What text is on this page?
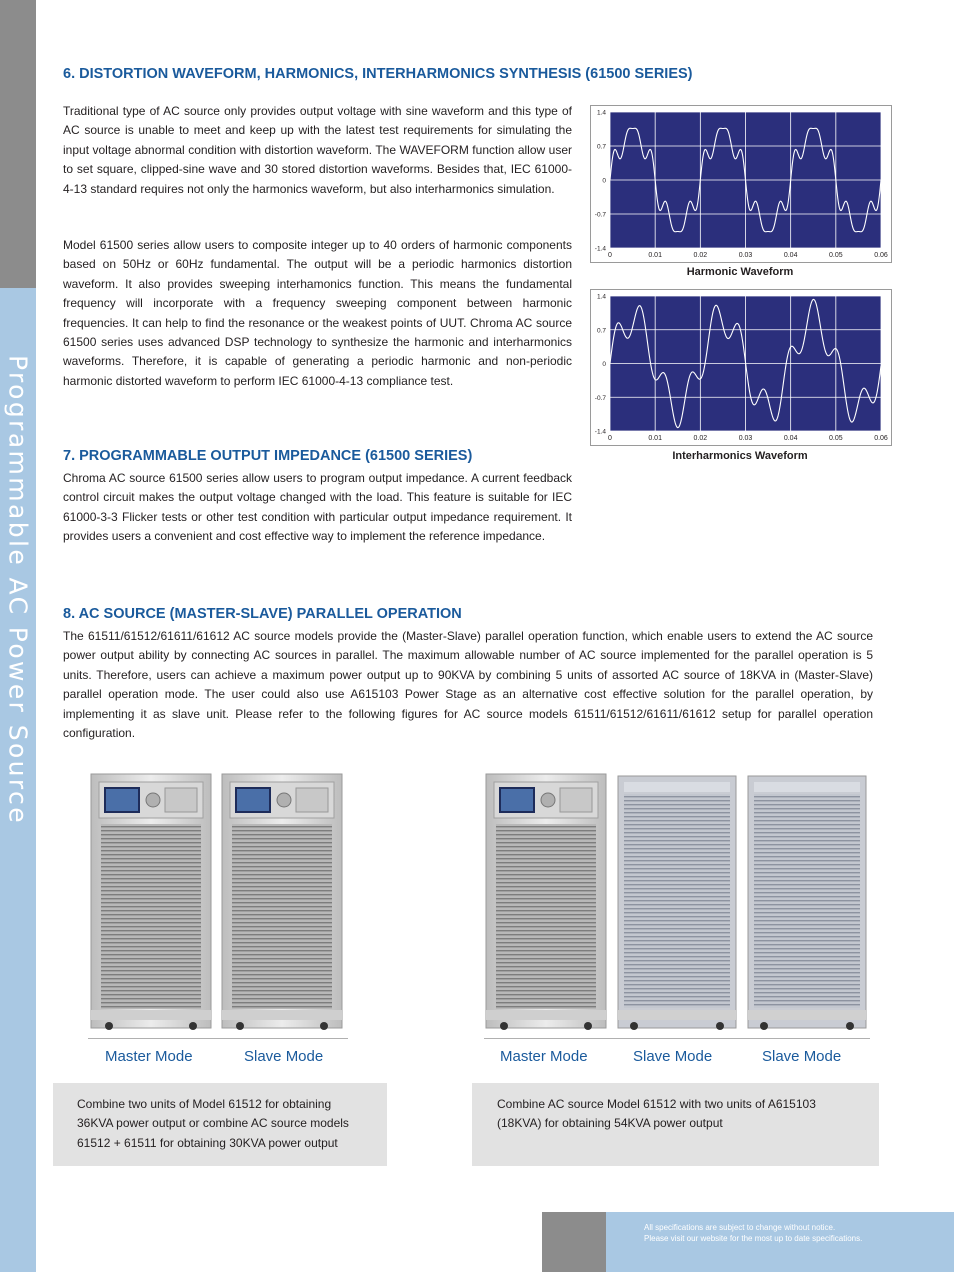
Programmable AC Power Source
6. DISTORTION WAVEFORM, HARMONICS, INTERHARMONICS SYNTHESIS (61500 SERIES)

Traditional type of AC source only provides output voltage with sine waveform and this type of AC source is unable to meet and keep up with the latest test requirements for simulating the input voltage abnormal condition with distortion waveform. The WAVEFORM function allow user to set square, clipped-sine wave and 30 stored distortion waveforms. Besides that, IEC 61000-4-13 standard requires not only the harmonics waveform, but also interharmonics simulation.

Model 61500 series allow users to composite integer up to 40 orders of harmonic components based on 50Hz or 60Hz fundamental. The output will be a periodic harmonics distortion waveform. It also provides sweeping interhamonics function. This means the fundamental frequency will incorporate with a frequency sweeping component between harmonic frequencies. It can help to find the resonance or the weakest points of UUT. Chroma AC source 61500 series uses advanced DSP technology to synthesize the harmonic and interharmonics waveforms. Therefore, it is capable of generating a periodic harmonic and non-periodic harmonic distorted waveform to perform IEC 61000-4-13 compliance test.

0	0.01	0.02	0.03	0.04	0.05	0.06
1.4
0.7
0
-0.7
-1.4
Harmonic Waveform
0	0.01	0.02	0.03	0.04	0.05	0.06
1.4
0.7
0
-0.7
-1.4
Interharmonics Waveform
7. PROGRAMMABLE OUTPUT IMPEDANCE (61500 SERIES)

Chroma AC source 61500 series allow users to program output impedance. A current feedback control circuit makes the output voltage changed with the load. This feature is suitable for IEC 61000-3-3 Flicker tests or other test condition with particular output impedance requirement. It provides users a convenient and cost effective way to implement the reference impedance.

8. AC SOURCE (MASTER-SLAVE) PARALLEL OPERATION

The 61511/61512/61611/61612 AC source models provide the (Master-Slave) parallel operation function, which enable users to extend the AC source power output ability by connecting AC sources in parallel. The maximum allowable number of AC source implemented for the parallel operation is 5 units. Therefore, users can achieve a maximum power output up to 90KVA by combining 5 units of assorted AC source of 18KVA in (Master-Slave) parallel operation mode. The user could also use A615103 Power Stage as an alternative cost effective solution for the parallel operation, by implementing it as slave unit. Please refer to the following figures for AC source models 61511/61512/61611/61612 setup for parallel operation configuration.

Master Mode	Slave Mode	Master Mode	Slave Mode	Slave Mode
Combine two units of Model 61512 for obtaining 36KVA power output or combine AC source models 61512 + 61511 for obtaining 30KVA power output
Combine AC source Model 61512 with two units of A615103 (18KVA) for obtaining 54KVA power output
All specifications are subject to change without notice.
Please visit our website for the most up to date specifications.
